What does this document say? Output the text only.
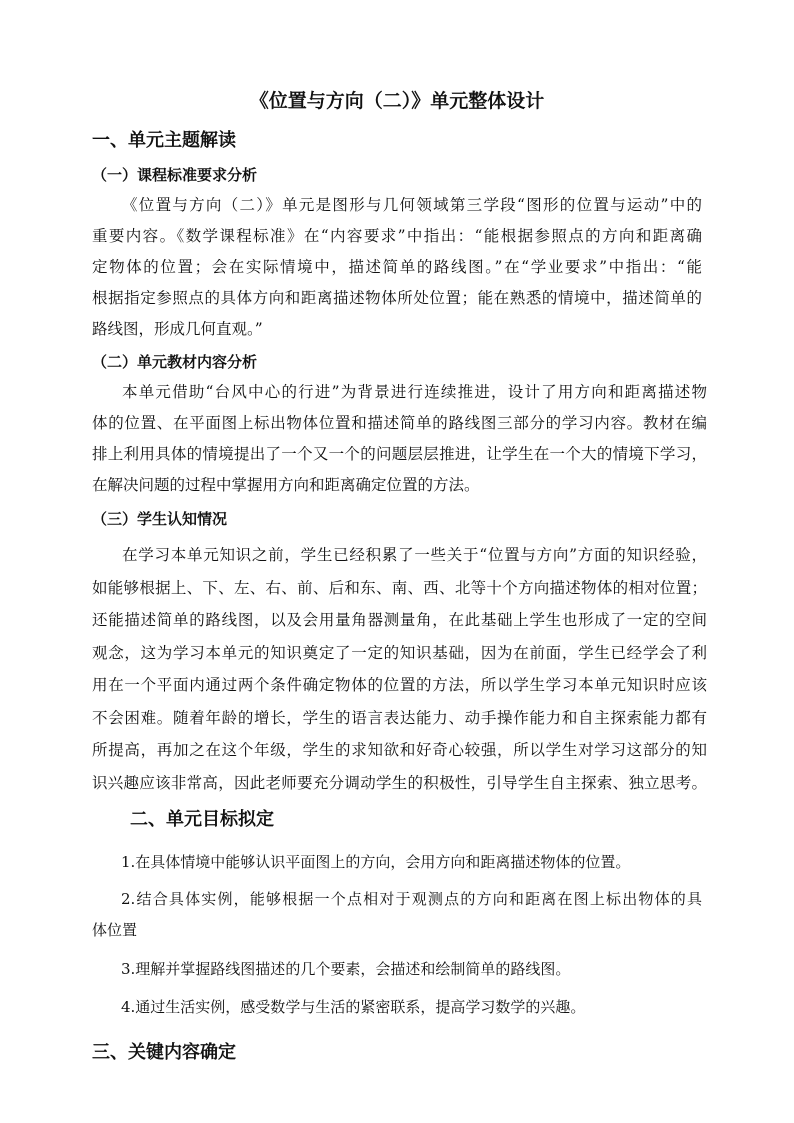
《位置与方向（二）》单元整体设计
一、单元主题解读
（一）课程标准要求分析
《位置与方向（二）》单元是图形与几何领域第三学段“图形的位置与运动”中的
重要内容。《数学课程标准》在“内容要求”中指出：“能根据参照点的方向和距离确
定物体的位置；会在实际情境中，描述简单的路线图。”在“学业要求”中指出：“能
根据指定参照点的具体方向和距离描述物体所处位置；能在熟悉的情境中，描述简单的
路线图，形成几何直观。”
（二）单元教材内容分析
本单元借助“台风中心的行进”为背景进行连续推进，设计了用方向和距离描述物
体的位置、在平面图上标出物体位置和描述简单的路线图三部分的学习内容。教材在编
排上利用具体的情境提出了一个又一个的问题层层推进，让学生在一个大的情境下学习，
在解决问题的过程中掌握用方向和距离确定位置的方法。
（三）学生认知情况
在学习本单元知识之前，学生已经积累了一些关于“位置与方向”方面的知识经验，
如能够根据上、下、左、右、前、后和东、南、西、北等十个方向描述物体的相对位置；
还能描述简单的路线图，以及会用量角器测量角，在此基础上学生也形成了一定的空间
观念，这为学习本单元的知识奠定了一定的知识基础，因为在前面，学生已经学会了利
用在一个平面内通过两个条件确定物体的位置的方法，所以学生学习本单元知识时应该
不会困难。随着年龄的增长，学生的语言表达能力、动手操作能力和自主探索能力都有
所提高，再加之在这个年级，学生的求知欲和好奇心较强，所以学生对学习这部分的知
识兴趣应该非常高，因此老师要充分调动学生的积极性，引导学生自主探索、独立思考。
二、单元目标拟定
1.在具体情境中能够认识平面图上的方向，会用方向和距离描述物体的位置。
2.结合具体实例，能够根据一个点相对于观测点的方向和距离在图上标出物体的具
体位置
3.理解并掌握路线图描述的几个要素，会描述和绘制简单的路线图。
4.通过生活实例，感受数学与生活的紧密联系，提高学习数学的兴趣。
三、关键内容确定
